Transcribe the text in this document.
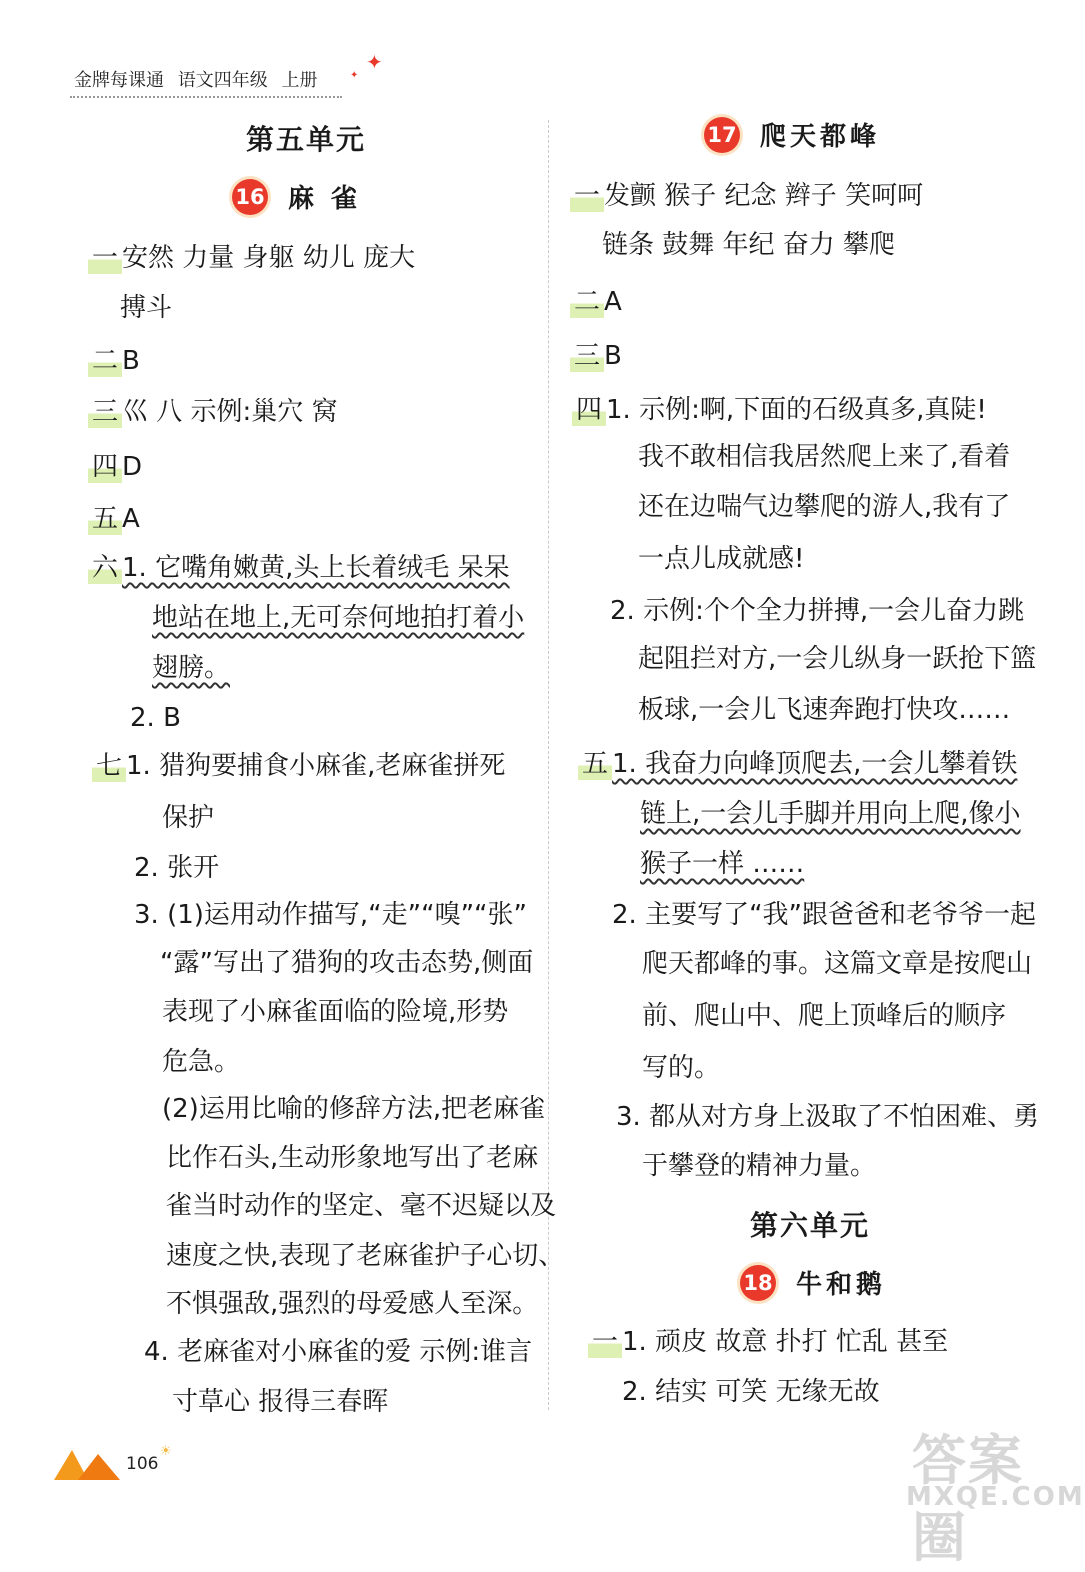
金牌每课通 语文四年级 上册
✦
✦
第五单元
16 麻 雀
一 安然 力量 身躯 幼儿 庞大
搏斗
二 B
三 巛 八 示例:巢穴 窝
四 D
五 A
六 1. 它嘴角嫩黄,头上长着绒毛 呆呆
地站在地上,无可奈何地拍打着小
翅膀。
2. B
七 1. 猎狗要捕食小麻雀,老麻雀拼死
保护
2. 张开
3. (1)运用动作描写,“走”“嗅”“张”
“露”写出了猎狗的攻击态势,侧面
表现了小麻雀面临的险境,形势
危急。
(2)运用比喻的修辞方法,把老麻雀
比作石头,生动形象地写出了老麻
雀当时动作的坚定、毫不迟疑以及
速度之快,表现了老麻雀护子心切、
不惧强敌,强烈的母爱感人至深。
4. 老麻雀对小麻雀的爱 示例:谁言
寸草心 报得三春晖
17 爬天都峰
一 发颤 猴子 纪念 辫子 笑呵呵
链条 鼓舞 年纪 奋力 攀爬
二 A
三 B
四 1. 示例:啊,下面的石级真多,真陡!
我不敢相信我居然爬上来了,看着
还在边喘气边攀爬的游人,我有了
一点儿成就感!
2. 示例:个个全力拼搏,一会儿奋力跳
起阻拦对方,一会儿纵身一跃抢下篮
板球,一会儿飞速奔跑打快攻……
五 1. 我奋力向峰顶爬去,一会儿攀着铁
链上,一会儿手脚并用向上爬,像小
猴子一样 ……
2. 主要写了“我”跟爸爸和老爷爷一起
爬天都峰的事。这篇文章是按爬山
前、爬山中、爬上顶峰后的顺序
写的。
3. 都从对方身上汲取了不怕困难、勇
于攀登的精神力量。
第六单元
18 牛和鹅
一 1. 顽皮 故意 扑打 忙乱 甚至
2. 结实 可笑 无缘无故
106
☀	答案圈
MXQE.COM
